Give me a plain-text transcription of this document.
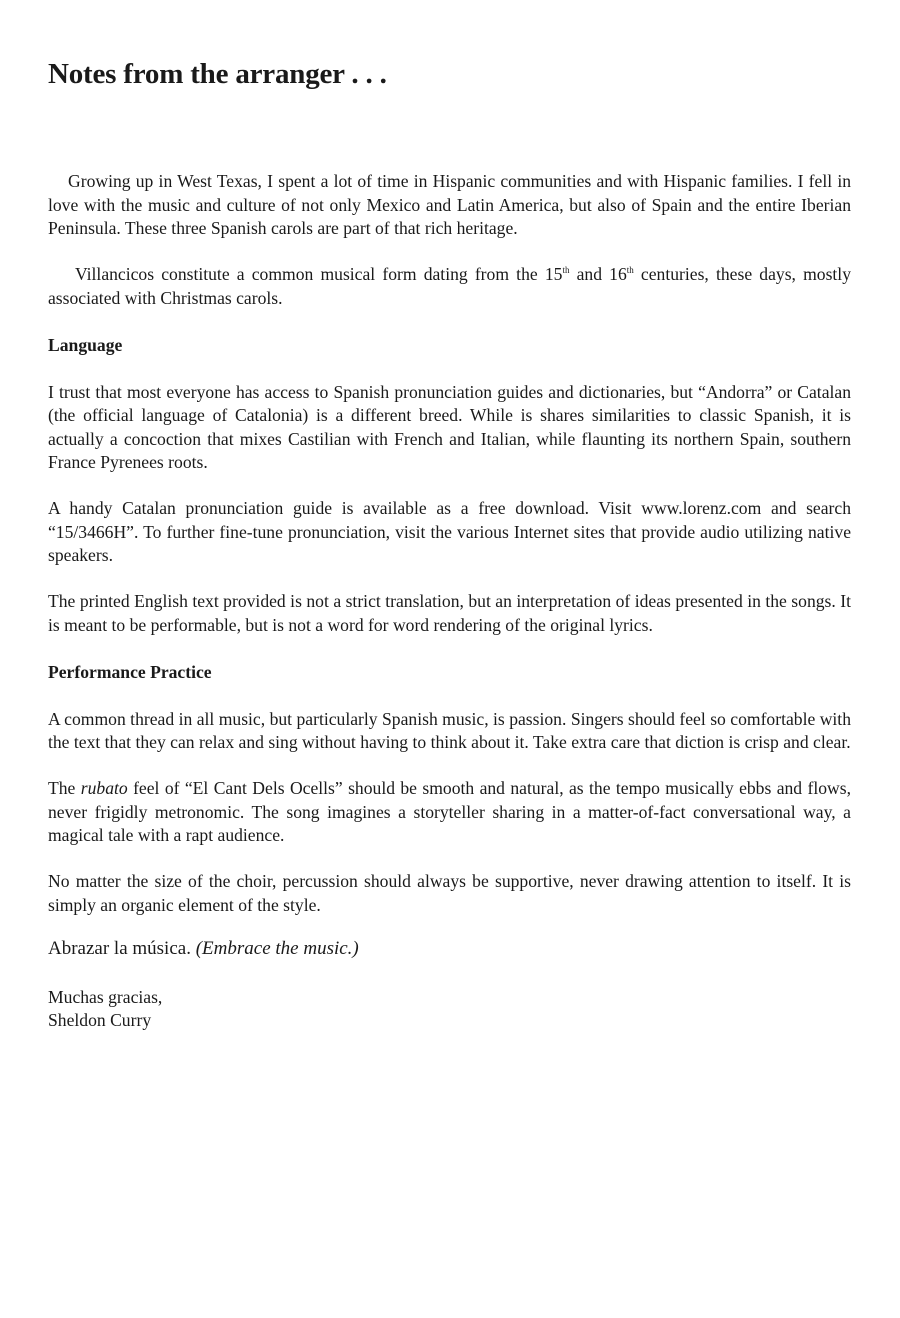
Notes from the arranger . . .

Growing up in West Texas, I spent a lot of time in Hispanic communities and with Hispanic families. I fell in love with the music and culture of not only Mexico and Latin America, but also of Spain and the entire Iberian Peninsula. These three Spanish carols are part of that rich heritage.

Villancicos constitute a common musical form dating from the 15th and 16th centuries, these days, mostly associated with Christmas carols.

Language

I trust that most everyone has access to Spanish pronunciation guides and dictionaries, but “Andorra” or Catalan (the official language of Catalonia) is a different breed. While is shares similarities to classic Spanish, it is actually a concoction that mixes Castilian with French and Italian, while flaunting its northern Spain, southern France Pyrenees roots.

A handy Catalan pronunciation guide is available as a free download. Visit www.lorenz.com and search “15/3466H”. To further fine-tune pronunciation, visit the various Internet sites that provide audio utilizing native speakers.

The printed English text provided is not a strict translation, but an interpretation of ideas presented in the songs. It is meant to be performable, but is not a word for word rendering of the original lyrics.

Performance Practice

A common thread in all music, but particularly Spanish music, is passion. Singers should feel so comfortable with the text that they can relax and sing without having to think about it. Take extra care that diction is crisp and clear.

The rubato feel of “El Cant Dels Ocells” should be smooth and natural, as the tempo musically ebbs and flows, never frigidly metronomic. The song imagines a storyteller sharing in a matter-of-fact conversational way, a magical tale with a rapt audience.

No matter the size of the choir, percussion should always be supportive, never drawing attention to itself. It is simply an organic element of the style.

Abrazar la música. (Embrace the music.)

Muchas gracias,
Sheldon Curry
